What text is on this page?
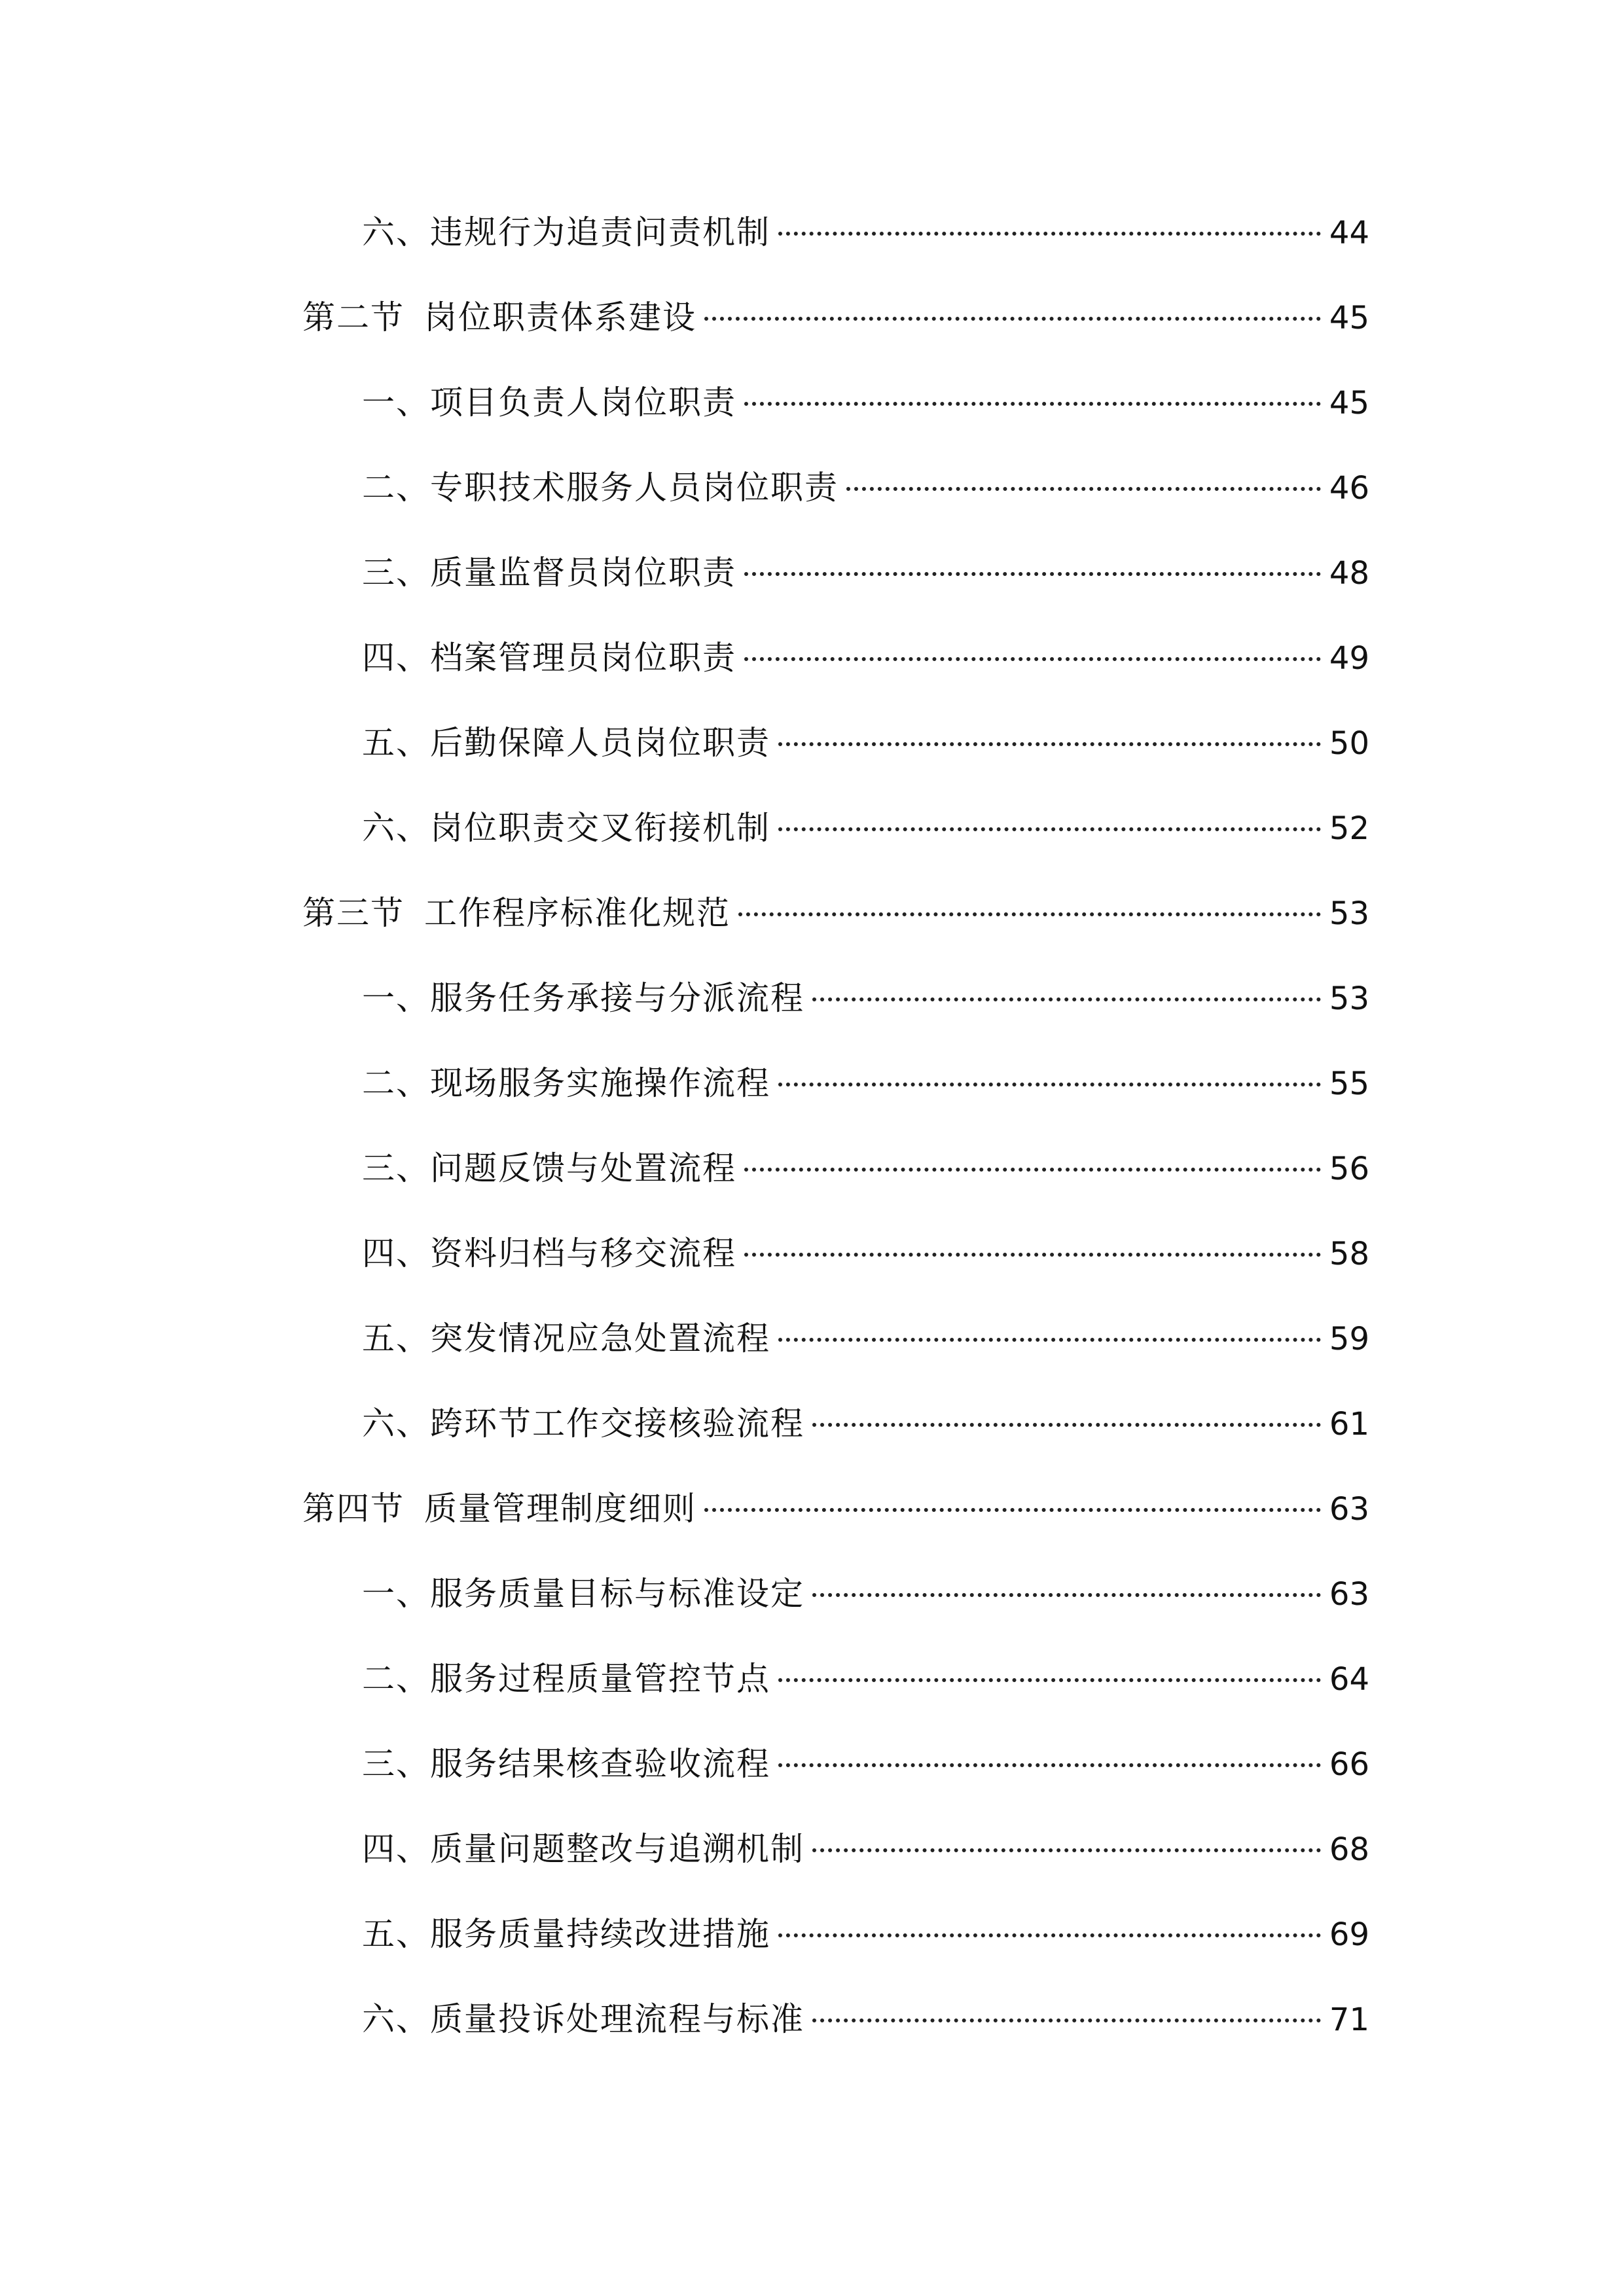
六、违规行为追责问责机制	44
第二节 岗位职责体系建设	45
一、项目负责人岗位职责	45
二、专职技术服务人员岗位职责	46
三、质量监督员岗位职责	48
四、档案管理员岗位职责	49
五、后勤保障人员岗位职责	50
六、岗位职责交叉衔接机制	52
第三节 工作程序标准化规范	53
一、服务任务承接与分派流程	53
二、现场服务实施操作流程	55
三、问题反馈与处置流程	56
四、资料归档与移交流程	58
五、突发情况应急处置流程	59
六、跨环节工作交接核验流程	61
第四节 质量管理制度细则	63
一、服务质量目标与标准设定	63
二、服务过程质量管控节点	64
三、服务结果核查验收流程	66
四、质量问题整改与追溯机制	68
五、服务质量持续改进措施	69
六、质量投诉处理流程与标准	71
